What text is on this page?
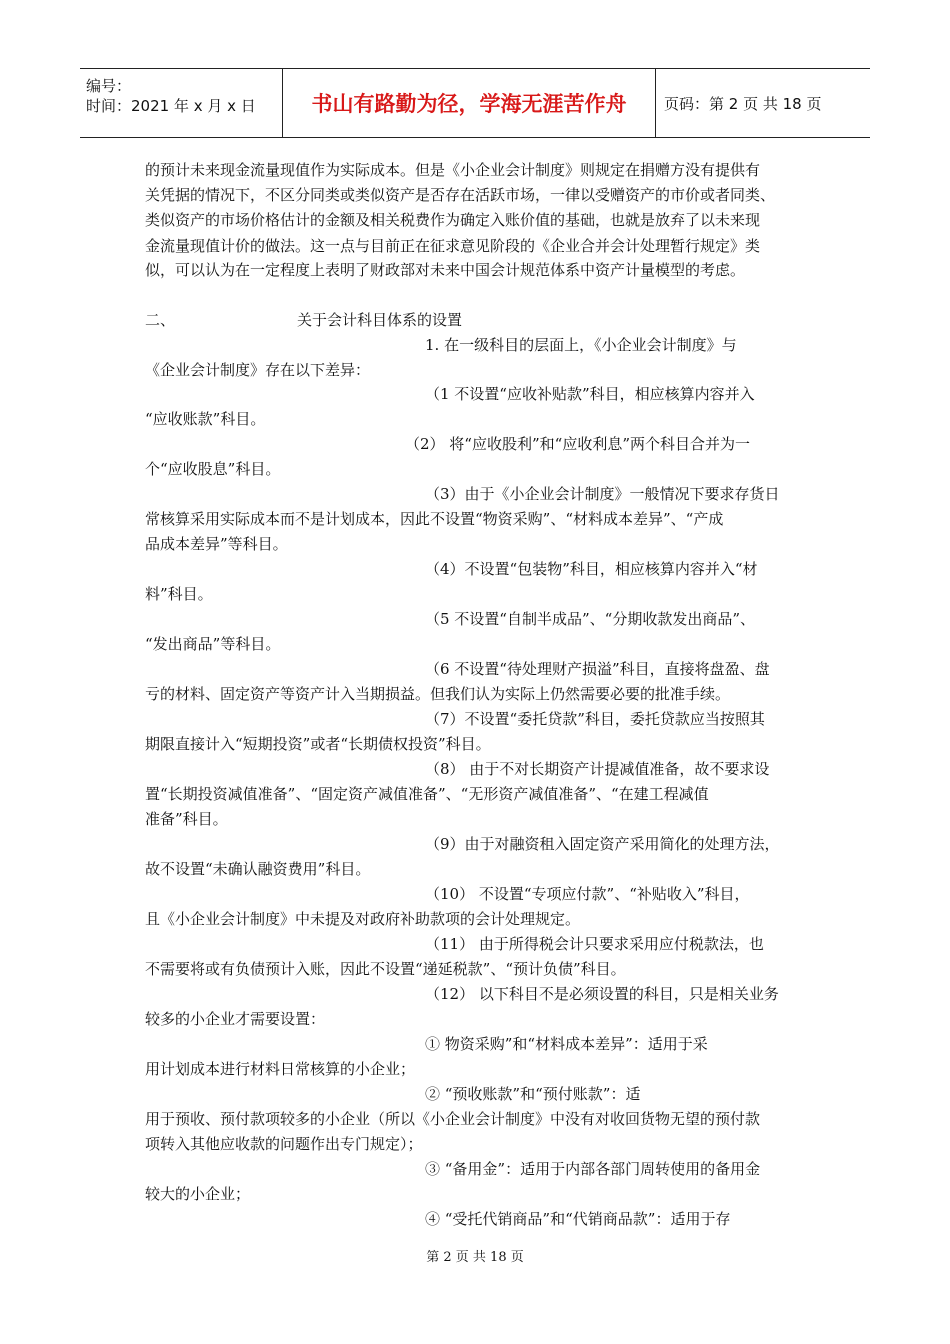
编号：
时间：2021 年 x 月 x 日	书山有路勤为径，学海无涯苦作舟	页码：第 2 页 共 18 页
的预计未来现金流量现值作为实际成本。但是《小企业会计制度》则规定在捐赠方没有提供有
关凭据的情况下，不区分同类或类似资产是否存在活跃市场，一律以受赠资产的市价或者同类、
类似资产的市场价格估计的金额及相关税费作为确定入账价值的基础，也就是放弃了以未来现
金流量现值计价的做法。这一点与目前正在征求意见阶段的《企业合并会计处理暂行规定》类
似，可以认为在一定程度上表明了财政部对未来中国会计规范体系中资产计量模型的考虑。
二、	关于会计科目体系的设置
1. 在一级科目的层面上，《小企业会计制度》与
《企业会计制度》存在以下差异：
（1 不设置“应收补贴款”科目，相应核算内容并入
“应收账款”科目。
（2） 将“应收股利”和“应收利息”两个科目合并为一
个“应收股息”科目。
（3）由于《小企业会计制度》一般情况下要求存货日
常核算采用实际成本而不是计划成本，因此不设置“物资采购”、“材料成本差异”、“产成
品成本差异”等科目。
（4）不设置“包装物”科目，相应核算内容并入“材
料”科目。
（5 不设置“自制半成品”、“分期收款发出商品”、
“发出商品”等科目。
（6 不设置“待处理财产损溢”科目，直接将盘盈、盘
亏的材料、固定资产等资产计入当期损益。但我们认为实际上仍然需要必要的批准手续。
（7）不设置“委托贷款”科目，委托贷款应当按照其
期限直接计入“短期投资”或者“长期债权投资”科目。
（8） 由于不对长期资产计提减值准备，故不要求设
置“长期投资减值准备”、“固定资产减值准备”、“无形资产减值准备”、“在建工程减值
准备”科目。
（9）由于对融资租入固定资产采用简化的处理方法，
故不设置“未确认融资费用”科目。
（10） 不设置“专项应付款”、“补贴收入”科目，
且《小企业会计制度》中未提及对政府补助款项的会计处理规定。
（11） 由于所得税会计只要求采用应付税款法，也
不需要将或有负债预计入账，因此不设置“递延税款”、“预计负债”科目。
（12） 以下科目不是必须设置的科目，只是相关业务
较多的小企业才需要设置：
① 物资采购”和“材料成本差异”：适用于采
用计划成本进行材料日常核算的小企业；
② “预收账款”和“预付账款”：适
用于预收、预付款项较多的小企业（所以《小企业会计制度》中没有对收回货物无望的预付款
项转入其他应收款的问题作出专门规定）；
③ “备用金”：适用于内部各部门周转使用的备用金
较大的小企业；
④ “受托代销商品”和“代销商品款”：适用于存
第 2 页 共 18 页
